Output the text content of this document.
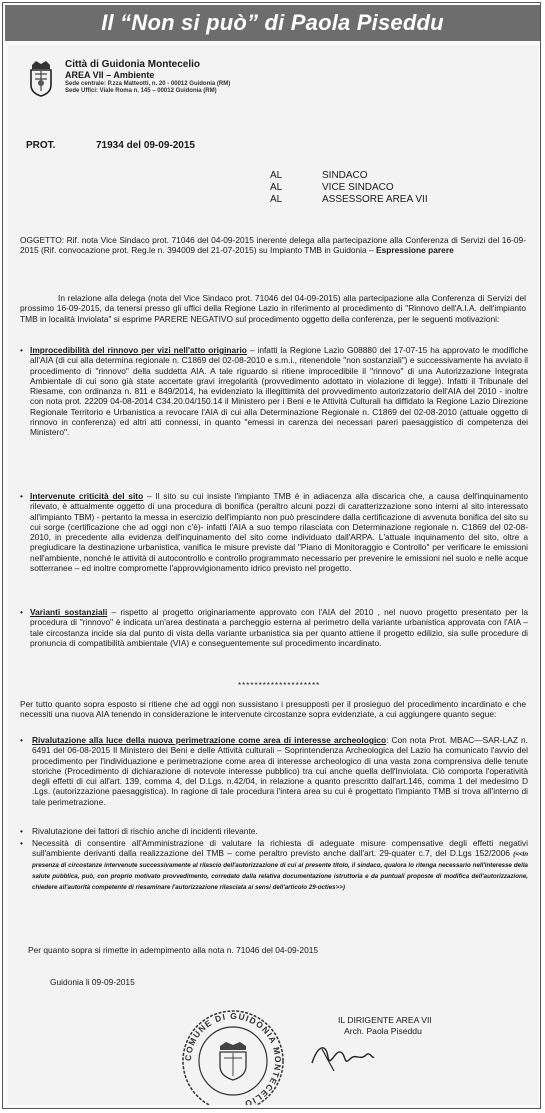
Il “Non si può” di Paola Piseddu
Città di Guidonia Montecelio
AREA VII – Ambiente
Sede centrale: P.zza Matteotti, n. 20 - 00012 Guidonia (RM)
Sede Uffici: Viale Roma n. 145 – 00012 Guidonia (RM)
PROT.	71934 del 09-09-2015
AL	SINDACO
AL	VICE SINDACO
AL	ASSESSORE AREA VII
OGGETTO: Rif. nota Vice Sindaco prot. 71046 del 04-09-2015 inerente delega alla partecipazione alla Conferenza di Servizi del 16-09-2015 (Rif. convocazione prot. Reg.le n. 394009 del 21-07-2015) su Impianto TMB in Guidonia – Espressione parere
In relazione alla delega (nota del Vice Sindaco prot. 71046 del 04-09-2015) alla partecipazione alla Conferenza di Servizi del prossimo 16-09-2015, da tenersi presso gli uffici della Regione Lazio in riferimento al procedimento di "Rinnovo dell'A.I.A. dell'impianto TMB in località Inviolata" si esprime PARERE NEGATIVO sul procedimento oggetto della conferenza, per le seguenti motivazioni:
• Improcedibilità del rinnovo per vizi nell'atto originario – infatti la Regione Lazio G08880 del 17-07-15 ha approvato le modifiche all'AIA (di cui alla determina regionale n. C1869 del 02-08-2010 e s.m.i., ritenendole "non sostanziali") e successivamente ha avviato il procedimento di "rinnovo" della suddetta AIA. A tale riguardo si ritiene improcedibile il "rinnovo" di una Autorizzazione Integrata Ambientale di cui sono già state accertate gravi irregolarità (provvedimento adottato in violazione di legge). Infatti il Tribunale del Riesame, con ordinanza n. 811 e 849/2014, ha evidenziato la illegittimità del provvedimento autorizzatorio dell'AIA del 2010 - inoltre con nota prot. 22209 04-08-2014 C34.20.04/150.14 il Ministero per i Beni e le Attività Culturali ha diffidato la Regione Lazio Direzione Regionale Territorio e Urbanistica a revocare l'AIA di cui alla Determinazione Regionale n. C1869 del 02-08-2010 (attuale oggetto di rinnovo in conferenza) ed altri atti connessi, in quanto "emessi in carenza dei necessari pareri paesaggistico di competenza dei Ministero".
• Intervenute criticità del sito – Il sito su cui insiste l'impianto TMB è in adiacenza alla discarica che, a causa dell'inquinamento rilevato, è attualmente oggetto di una procedura di bonifica (peraltro alcuni pozzi di caratterizzazione sono interni al sito interessato all'impianto TBM) - pertanto la messa in esercizio dell'impianto non può prescindere dalla certificazione di avvenuta bonifica del sito su cui sorge (certificazione che ad oggi non c'è)- infatti l'AIA a suo tempo rilasciata con Determinazione regionale n. C1869 del 02-08-2010, in precedente alla evidenza dell'inquinamento del sito come individuato dall'ARPA. L'attuale inquinamento del sito, oltre a pregiudicare la destinazione urbanistica, vanifica le misure previste dal "Piano di Monitoraggio e Controllo" per verificare le emissioni nell'ambiente, nonché le attività di autocontrollo e controllo programmato necessario per prevenire le emissioni nel suolo e nelle acque sotterranee – ed inoltre compromette l'approvvigionamento idrico previsto nel progetto.
• Varianti sostanziali – rispetto al progetto originariamente approvato con l'AIA del 2010 , nel nuovo progetto presentato per la procedura di "rinnovo" è indicata un'area destinata a parcheggio esterna al perimetro della variante urbanistica approvata con l'AIA – tale circostanza incide sia dal punto di vista della variante urbanistica sia per quanto attiene il progetto edilizio, sia sulle procedure di pronuncia di compatibilità ambientale (VIA) e conseguentemente sul procedimento incardinato.
********************
Per tutto quanto sopra esposto si ritiene che ad oggi non sussistano i presupposti per il prosieguo del procedimento incardinato e che necessiti una nuova AIA tenendo in considerazione le intervenute circostanze sopra evidenziate, a cui aggiungere quanto segue:
• Rivalutazione alla luce della nuova perimetrazione come area di interesse archeologico: Con nota Prot. MBAC—SAR-LAZ n. 6491 del 06-08-2015 Il Ministero dei Beni e delle Attività culturali – Soprintendenza Archeologica del Lazio ha comunicato l'avvio del procedimento per l'individuazione e perimetrazione come area di interesse archeologico di una vasta zona comprensiva delle tenute storiche (Procedimento di dichiarazione di notevole interesse pubblico) tra cui anche quella dell'Inviolata. Ciò comporta l'operatività degli effetti di cui all'art. 139, comma 4, del D.Lgs. n.42/04, in relazione a quanto prescritto dall'art.146, comma 1 del medesimo D .Lgs. (autorizzazione paesaggistica). In ragione di tale procedura l'intera area su cui è progettato l'impianto TMB si trova all'interno di tale perimetrazione.
• Rivalutazione dei fattori di rischio anche di incidenti rilevante.
• Necessità di consentire all'Amministrazione di valutare la richiesta di adeguate misure compensative degli effetti negativi sull'ambiente derivanti dalla realizzazione del TMB – come peraltro previsto anche dall'art. 29-quater c.7, del D.Lgs 152/2006 (<<In presenza di circostanze intervenute successivamente al rilascio dell'autorizzazione di cui al presente titolo, il sindaco, qualora lo ritenga necessario nell'interesse della salute pubblica, può, con proprio motivato provvedimento, corredato dalla relativa documentazione istruttoria e da puntuali proposte di modifica dell'autorizzazione, chiedere all'autorità competente di riesaminare l'autorizzazione rilasciata ai sensi dell'articolo 29-octies>>)
Per quanto sopra si rimette in adempimento alla nota n. 71046 del 04-09-2015
Guidonia li 09-09-2015
IL DIRIGENTE AREA VII
Arch. Paola Piseddu
COMUNE DI GUIDONIA MONTECELIO
